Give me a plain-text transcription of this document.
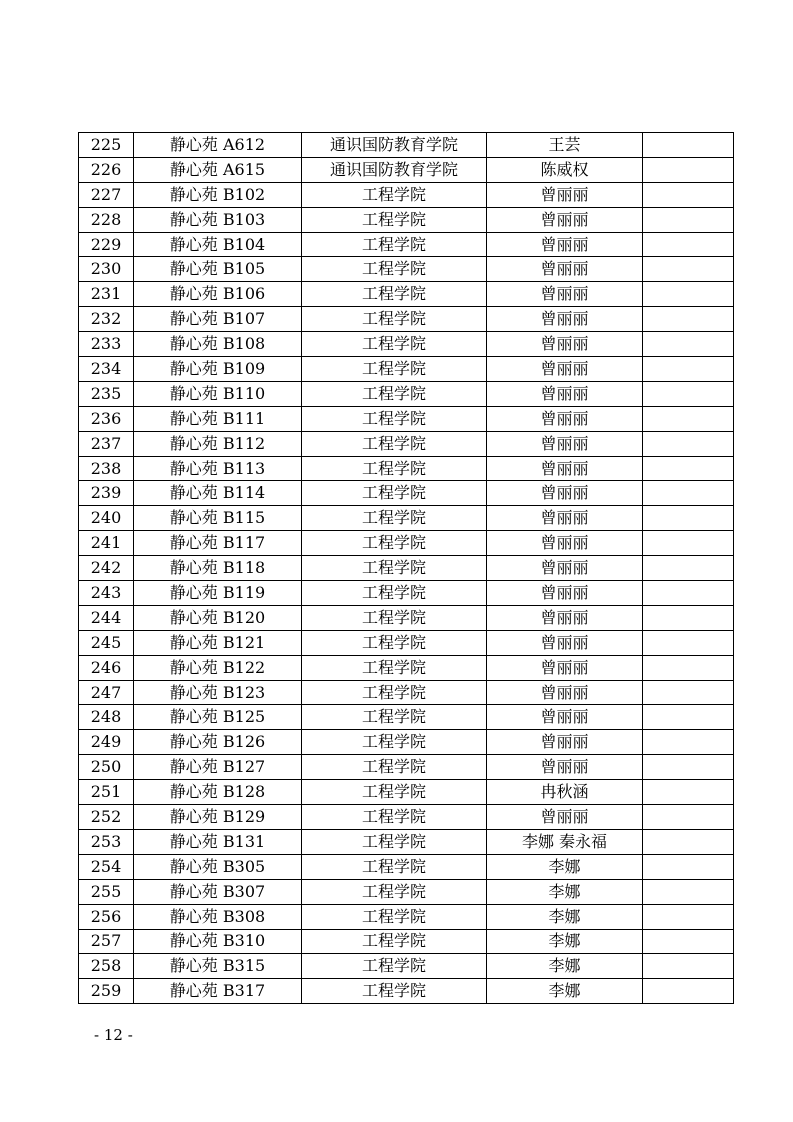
225	静心苑 A612	通识国防教育学院	王芸	
226	静心苑 A615	通识国防教育学院	陈威权	
227	静心苑 B102	工程学院	曾丽丽	
228	静心苑 B103	工程学院	曾丽丽	
229	静心苑 B104	工程学院	曾丽丽	
230	静心苑 B105	工程学院	曾丽丽	
231	静心苑 B106	工程学院	曾丽丽	
232	静心苑 B107	工程学院	曾丽丽	
233	静心苑 B108	工程学院	曾丽丽	
234	静心苑 B109	工程学院	曾丽丽	
235	静心苑 B110	工程学院	曾丽丽	
236	静心苑 B111	工程学院	曾丽丽	
237	静心苑 B112	工程学院	曾丽丽	
238	静心苑 B113	工程学院	曾丽丽	
239	静心苑 B114	工程学院	曾丽丽	
240	静心苑 B115	工程学院	曾丽丽	
241	静心苑 B117	工程学院	曾丽丽	
242	静心苑 B118	工程学院	曾丽丽	
243	静心苑 B119	工程学院	曾丽丽	
244	静心苑 B120	工程学院	曾丽丽	
245	静心苑 B121	工程学院	曾丽丽	
246	静心苑 B122	工程学院	曾丽丽	
247	静心苑 B123	工程学院	曾丽丽	
248	静心苑 B125	工程学院	曾丽丽	
249	静心苑 B126	工程学院	曾丽丽	
250	静心苑 B127	工程学院	曾丽丽	
251	静心苑 B128	工程学院	冉秋涵	
252	静心苑 B129	工程学院	曾丽丽	
253	静心苑 B131	工程学院	李娜 秦永福	
254	静心苑 B305	工程学院	李娜	
255	静心苑 B307	工程学院	李娜	
256	静心苑 B308	工程学院	李娜	
257	静心苑 B310	工程学院	李娜	
258	静心苑 B315	工程学院	李娜	
259	静心苑 B317	工程学院	李娜	
- 12 -
